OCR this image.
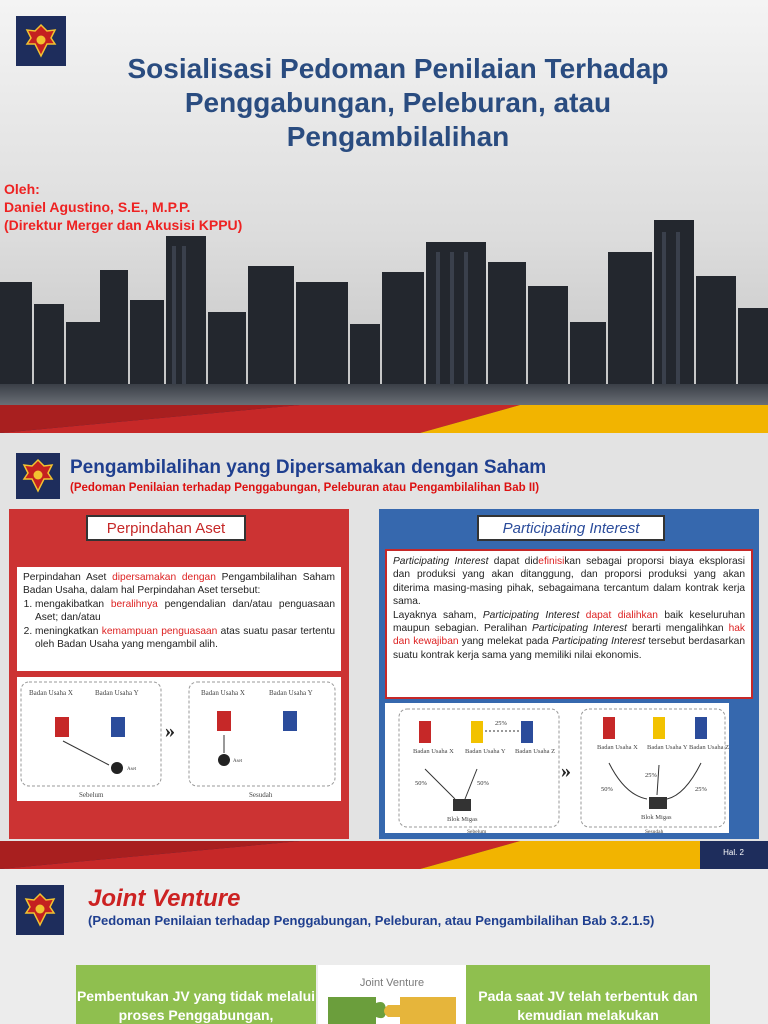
Sosialisasi Pedoman Penilaian Terhadap Penggabungan, Peleburan, atau Pengambilalihan
Oleh:
Daniel Agustino, S.E., M.P.P.
(Direktur Merger dan Akusisi KPPU)
Pengambilalihan yang Dipersamakan dengan Saham
(Pedoman Penilaian terhadap Penggabungan, Peleburan atau Pengambilalihan Bab II)
Perpindahan Aset
Perpindahan Aset dipersamakan dengan Pengambilalihan Saham Badan Usaha, dalam hal Perpindahan Aset tersebut:
1. mengakibatkan beralihnya pengendalian dan/atau penguasaan Aset; dan/atau
2. meningkatkan kemampuan penguasaan atas suatu pasar tertentu oleh Badan Usaha yang mengambil alih.
Badan Usaha X	Badan Usaha Y
Aset
»
Badan Usaha X	Badan Usaha Y
Aset
Sebelum	Sesudah
Participating Interest
Participating Interest dapat didefinisikan sebagai proporsi biaya eksplorasi dan produksi yang akan ditanggung, dan proporsi produksi yang akan diterima masing-masing pihak, sebagaimana tercantum dalam kontrak kerja sama.
Layaknya saham, Participating Interest dapat dialihkan baik keseluruhan maupun sebagian. Peralihan Participating Interest berarti mengalihkan hak dan kewajiban yang melekat pada Participating Interest tersebut berdasarkan suatu kontrak kerja sama yang memiliki nilai ekonomis.
25%
Badan Usaha X Badan Usaha Y Badan Usaha Z
50%	50%
Blok Migas
»
Badan Usaha X Badan Usaha Y Badan Usaha Z
50%
25%
25%
Blok Migas
Sebelum	Sesudah
Hal. 2
Joint Venture
(Pedoman Penilaian terhadap Penggabungan, Peleburan, atau Pengambilalihan Bab 3.2.1.5)
Pembentukan JV yang tidak melalui proses Penggabungan,
Joint Venture
Pada saat JV telah terbentuk dan kemudian melakukan
